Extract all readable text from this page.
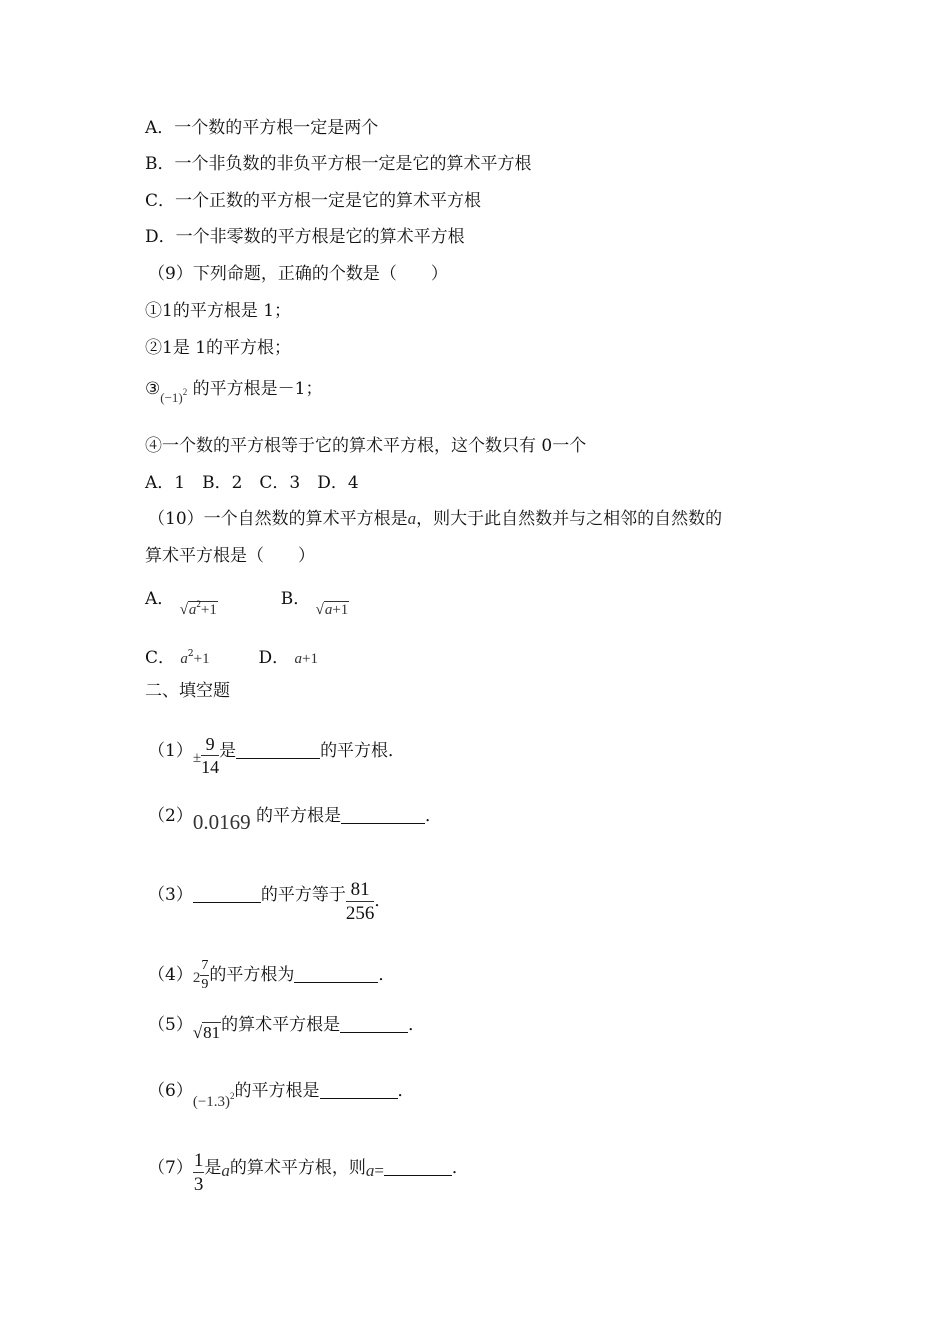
A．一个数的平方根一定是两个
B．一个非负数的非负平方根一定是它的算术平方根
C．一个正数的平方根一定是它的算术平方根
D．一个非零数的平方根是它的算术平方根
（9）下列命题，正确的个数是（　　）
①1的平方根是 1；
②1是 1的平方根；
$③_{(-1)^2}$ 的平方根是－1；
④一个数的平方根等于它的算术平方根，这个数只有 0一个
A．1　B．2　C．3　D．4
（10）一个自然数的算术平方根是a，则大于此自然数并与之相邻的自然数的
算术平方根是（　　）
A． $√a^2+1$  B． √a+1
C． $a^2+1$	D． a+1
二、填空题
$(1)\pm \frac{9}{14}$ 是	的平方根．
（2）0.0169 的平方根是	．
（3）	的平方等于 $\frac{81}{256}$ ．
$(4)2 \frac{7}{9}$ 的平方根为	．
（5）√81的算术平方根是	．
$(6)(-1.3)^2$的平方根是	．
$(7) \frac{1}{3}$ 是a的算术平方根，则a=	．
